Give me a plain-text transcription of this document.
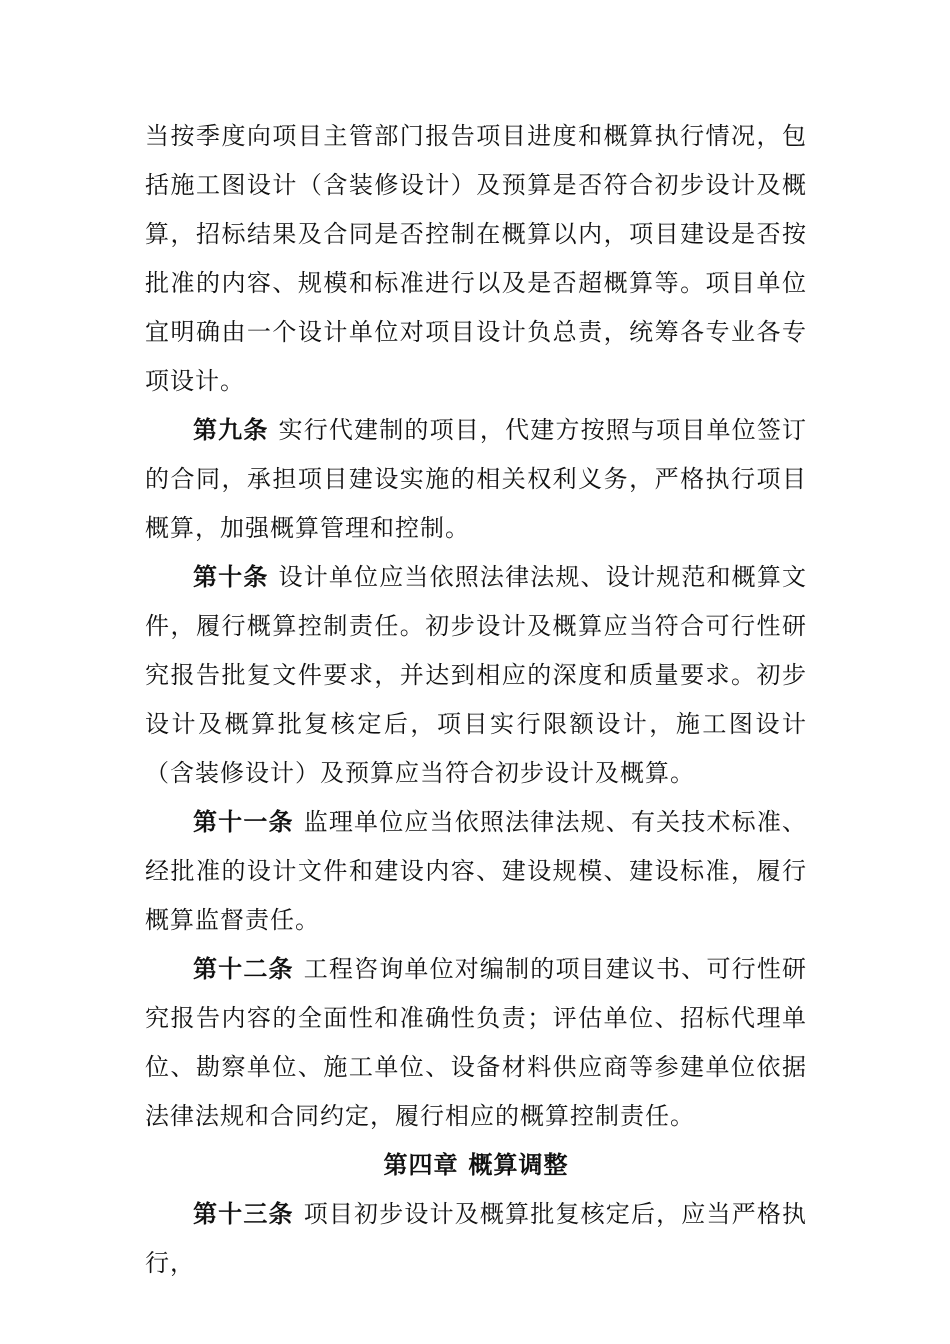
当按季度向项目主管部门报告项目进度和概算执行情况，包括施工图设计（含装修设计）及预算是否符合初步设计及概算，招标结果及合同是否控制在概算以内，项目建设是否按批准的内容、规模和标准进行以及是否超概算等。项目单位宜明确由一个设计单位对项目设计负总责，统筹各专业各专项设计。

第九条 实行代建制的项目，代建方按照与项目单位签订的合同，承担项目建设实施的相关权利义务，严格执行项目概算，加强概算管理和控制。

第十条 设计单位应当依照法律法规、设计规范和概算文件，履行概算控制责任。初步设计及概算应当符合可行性研究报告批复文件要求，并达到相应的深度和质量要求。初步设计及概算批复核定后，项目实行限额设计，施工图设计（含装修设计）及预算应当符合初步设计及概算。

第十一条 监理单位应当依照法律法规、有关技术标准、经批准的设计文件和建设内容、建设规模、建设标准，履行概算监督责任。

第十二条 工程咨询单位对编制的项目建议书、可行性研究报告内容的全面性和准确性负责；评估单位、招标代理单位、勘察单位、施工单位、设备材料供应商等参建单位依据法律法规和合同约定，履行相应的概算控制责任。

第四章 概算调整

第十三条 项目初步设计及概算批复核定后，应当严格执行，
